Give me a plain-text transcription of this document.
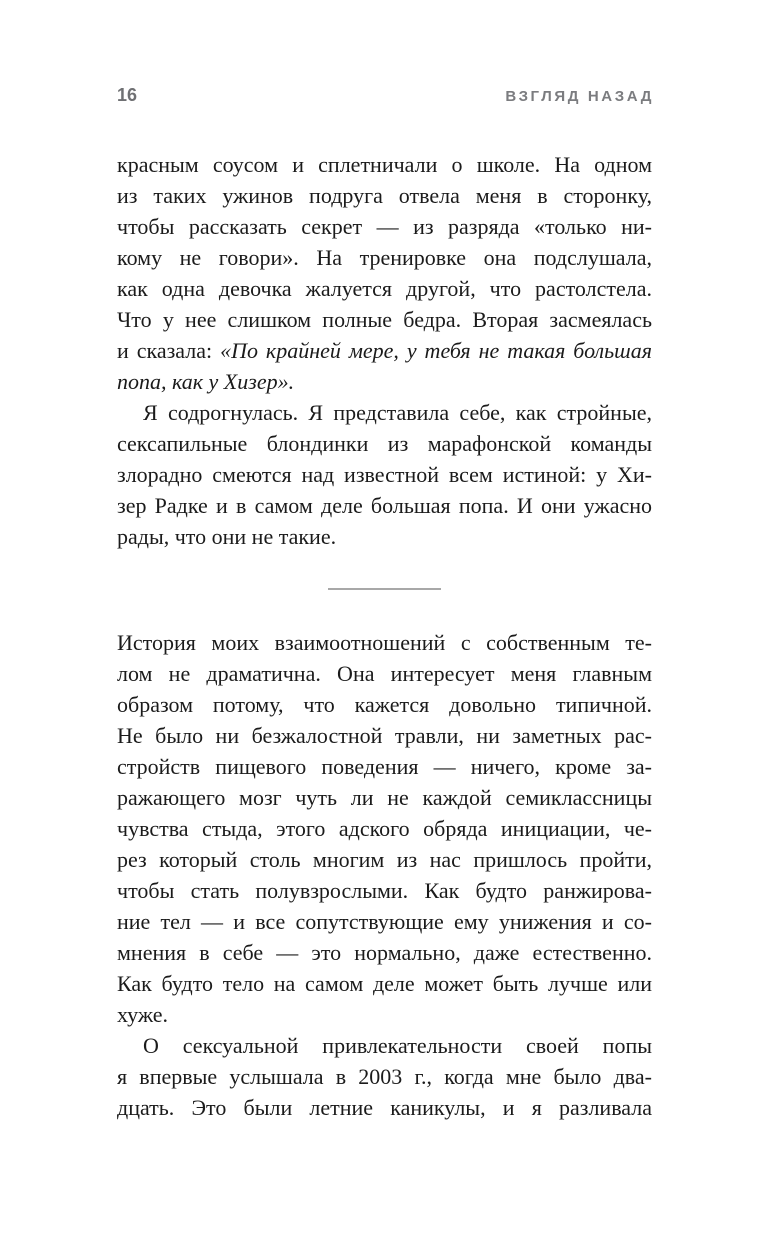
16	ВЗГЛЯД НАЗАД
красным соусом и сплетничали о школе. На одном
из таких ужинов подруга отвела меня в сторонку,
чтобы рассказать секрет — из разряда «только ни-
кому не говори». На тренировке она подслушала,
как одна девочка жалуется другой, что растолстела.
Что у нее слишком полные бедра. Вторая засмеялась
и сказала: «По крайней мере, у тебя не такая большая
попа, как у Хизер».
Я содрогнулась. Я представила себе, как стройные,
сексапильные блондинки из марафонской команды
злорадно смеются над известной всем истиной: у Хи-
зер Радке и в самом деле большая попа. И они ужасно
рады, что они не такие.
История моих взаимоотношений с собственным те-
лом не драматична. Она интересует меня главным
образом потому, что кажется довольно типичной.
Не было ни безжалостной травли, ни заметных рас-
стройств пищевого поведения — ничего, кроме за-
ражающего мозг чуть ли не каждой семиклассницы
чувства стыда, этого адского обряда инициации, че-
рез который столь многим из нас пришлось пройти,
чтобы стать полувзрослыми. Как будто ранжирова-
ние тел — и все сопутствующие ему унижения и со-
мнения в себе — это нормально, даже естественно.
Как будто тело на самом деле может быть лучше или
хуже.
О сексуальной привлекательности своей попы
я впервые услышала в 2003 г., когда мне было два-
дцать. Это были летние каникулы, и я разливала
